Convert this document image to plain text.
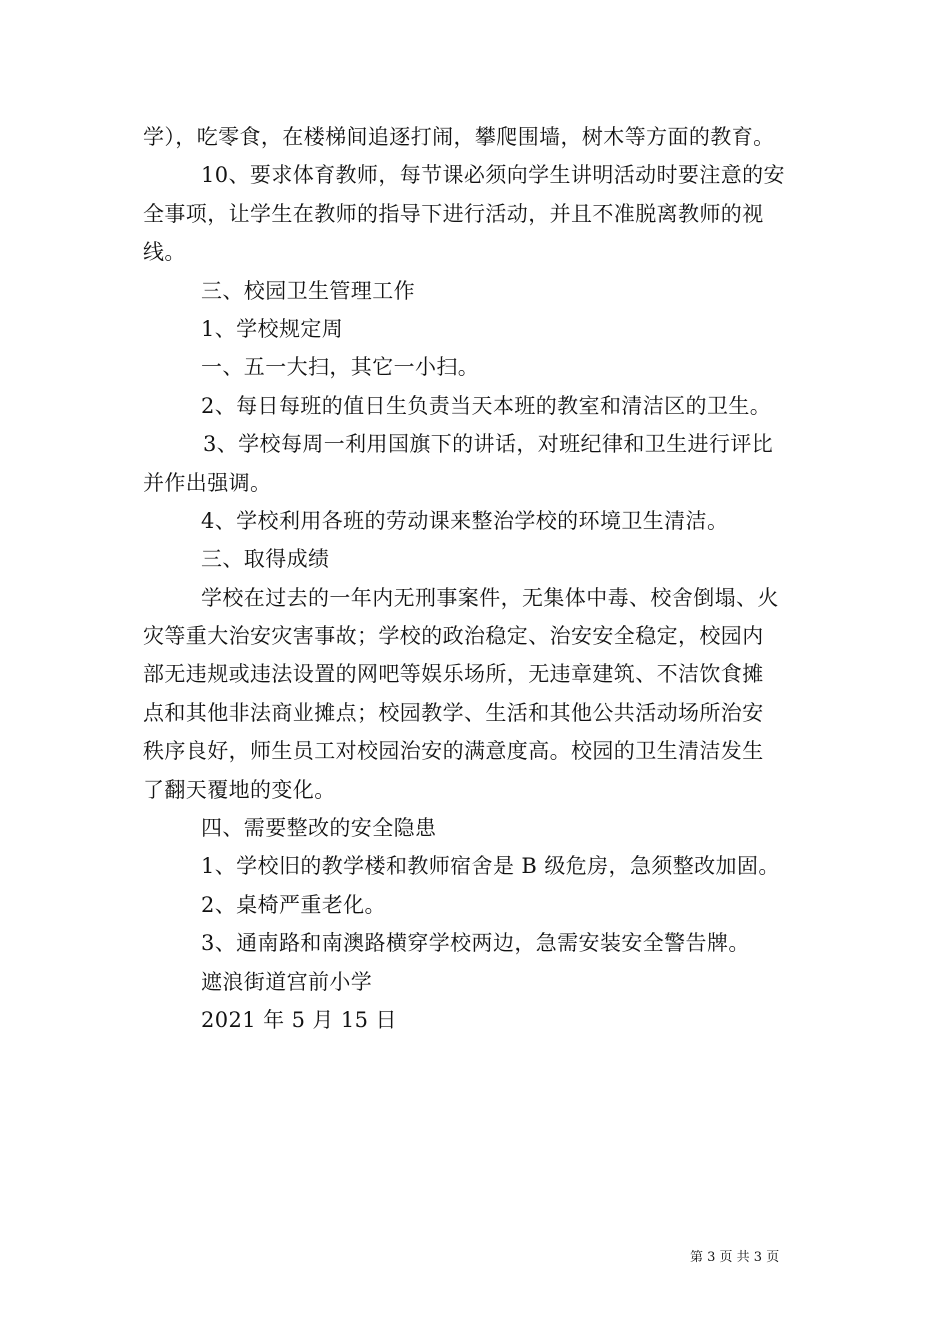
学），吃零食，在楼梯间追逐打闹，攀爬围墙，树木等方面的教育。
10、要求体育教师，每节课必须向学生讲明活动时要注意的安
全事项，让学生在教师的指导下进行活动，并且不准脱离教师的视
线。
三、校园卫生管理工作
1、学校规定周
一、五一大扫，其它一小扫。
2、每日每班的值日生负责当天本班的教室和清洁区的卫生。
3、学校每周一利用国旗下的讲话，对班纪律和卫生进行评比
并作出强调。
4、学校利用各班的劳动课来整治学校的环境卫生清洁。
三、取得成绩
学校在过去的一年内无刑事案件，无集体中毒、校舍倒塌、火
灾等重大治安灾害事故；学校的政治稳定、治安安全稳定，校园内
部无违规或违法设置的网吧等娱乐场所，无违章建筑、不洁饮食摊
点和其他非法商业摊点；校园教学、生活和其他公共活动场所治安
秩序良好，师生员工对校园治安的满意度高。校园的卫生清洁发生
了翻天覆地的变化。
四、需要整改的安全隐患
1、学校旧的教学楼和教师宿舍是 B 级危房，急须整改加固。
2、桌椅严重老化。
3、通南路和南澳路横穿学校两边，急需安装安全警告牌。
遮浪街道宫前小学
2021 年 5 月 15 日
第 3 页 共 3 页
